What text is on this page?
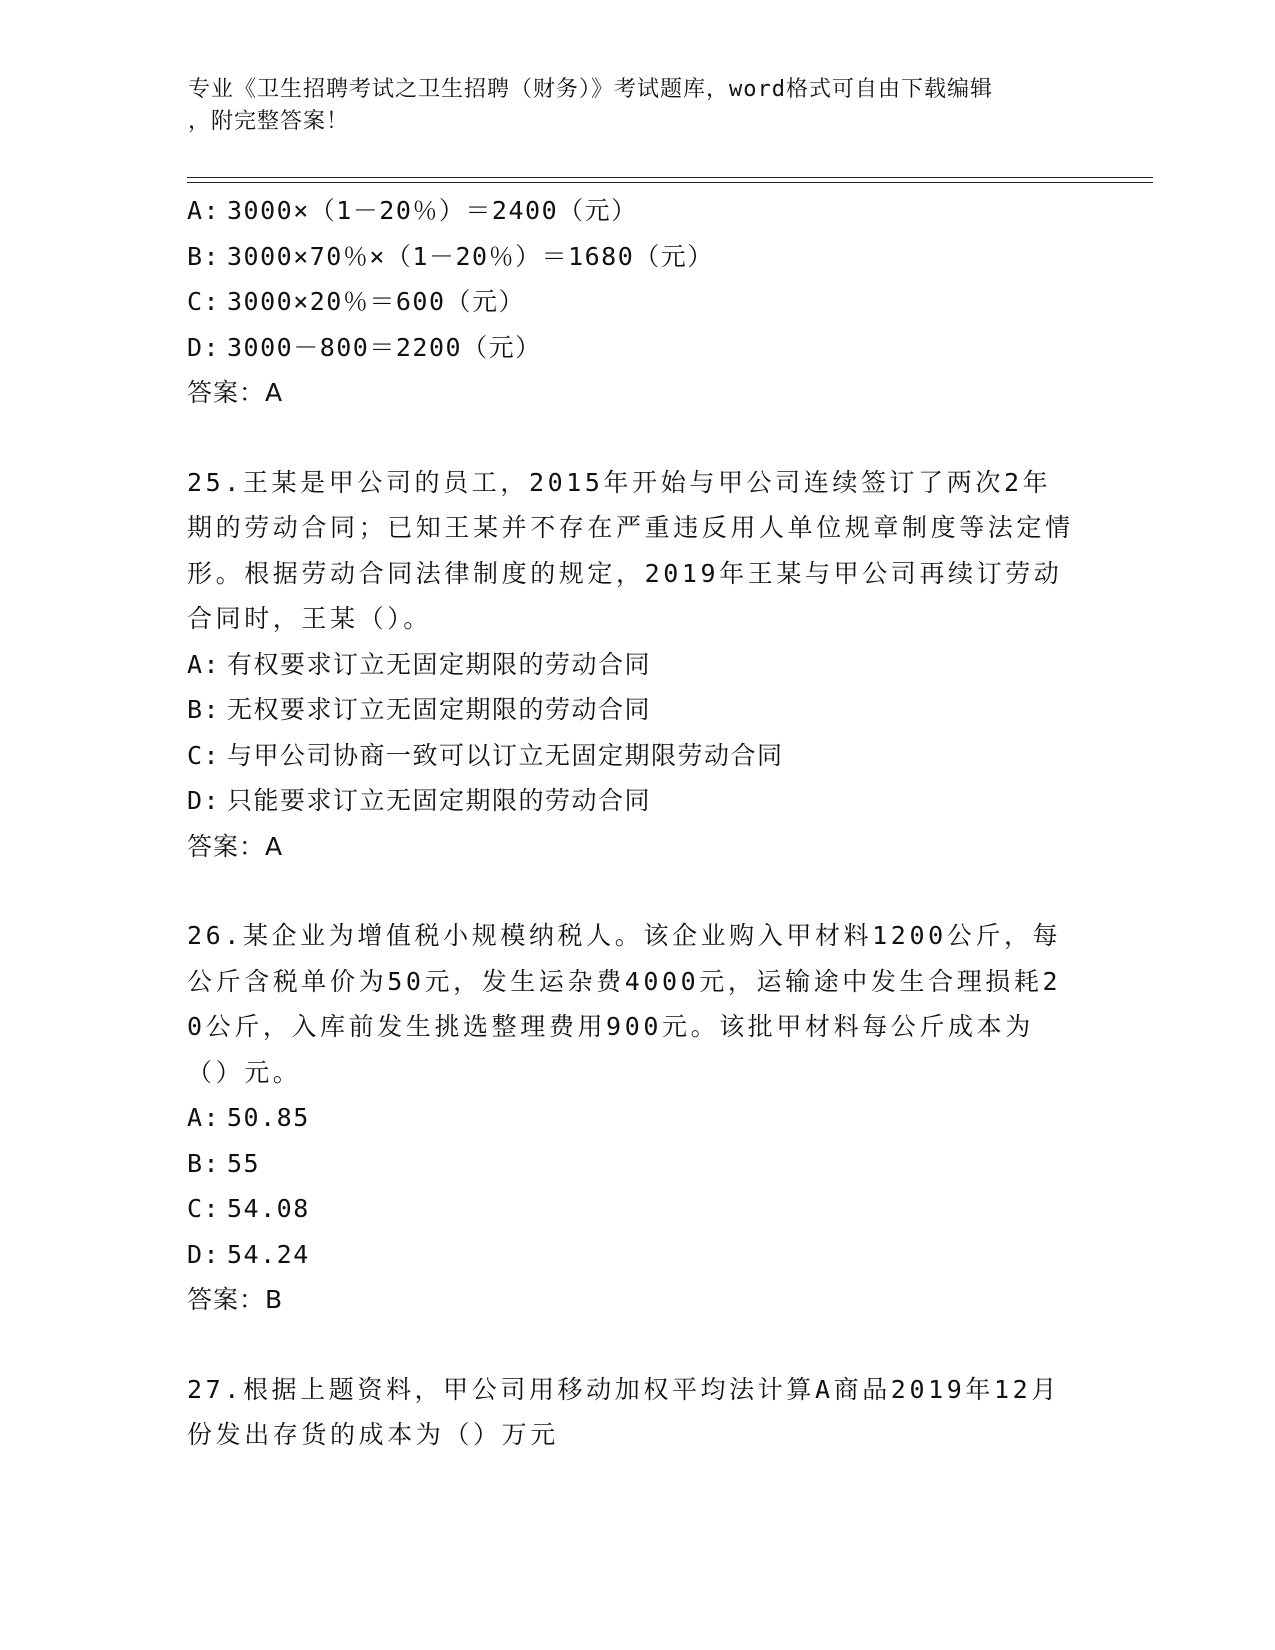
专业《卫生招聘考试之卫生招聘（财务）》考试题库，word格式可自由下载编辑
，附完整答案！
A: 3000×（1－20％）＝2400（元）
B: 3000×70％×（1－20％）＝1680（元）
C: 3000×20％＝600（元）
D: 3000－800＝2200（元）
答案：A
25.王某是甲公司的员工，2015年开始与甲公司连续签订了两次2年期的劳动合同；已知王某并不存在严重违反用人单位规章制度等法定情形。根据劳动合同法律制度的规定，2019年王某与甲公司再续订劳动合同时，王某（）。
A: 有权要求订立无固定期限的劳动合同
B: 无权要求订立无固定期限的劳动合同
C: 与甲公司协商一致可以订立无固定期限劳动合同
D: 只能要求订立无固定期限的劳动合同
答案：A
26.某企业为增值税小规模纳税人。该企业购入甲材料1200公斤，每公斤含税单价为50元，发生运杂费4000元，运输途中发生合理损耗20公斤，入库前发生挑选整理费用900元。该批甲材料每公斤成本为（）元。
A: 50.85
B: 55
C: 54.08
D: 54.24
答案：B
27.根据上题资料，甲公司用移动加权平均法计算A商品2019年12月份发出存货的成本为（）万元
